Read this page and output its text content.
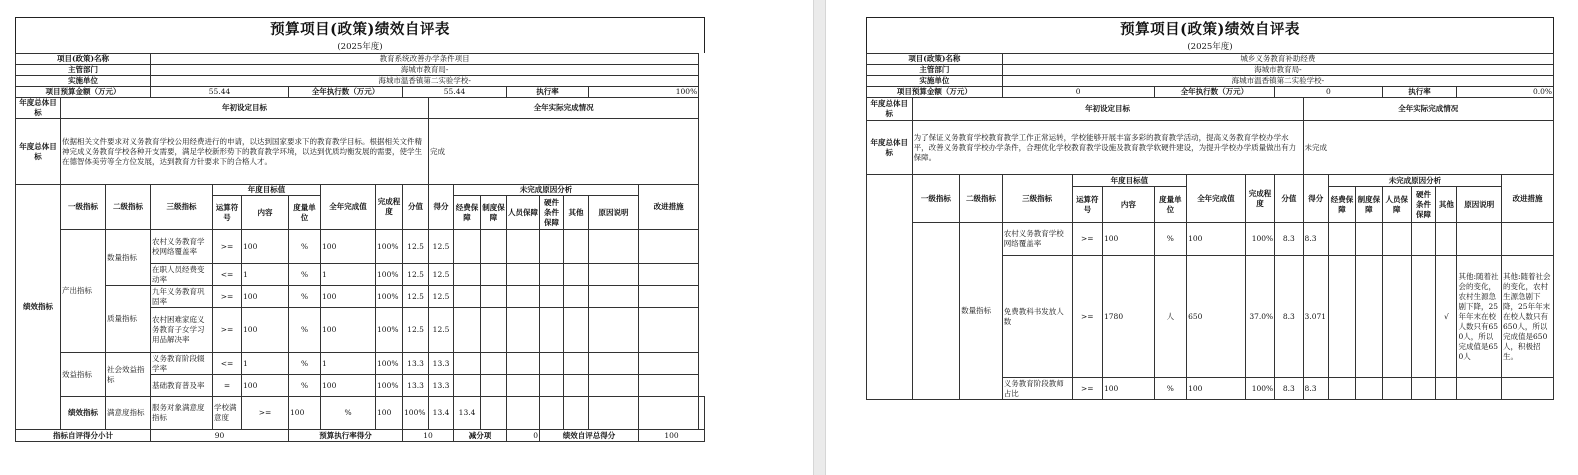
预算项目(政策)绩效自评表
(2025年度)
项目(政策)名称			教育系统改善办学条件项目															
主管部门			海城市教育局-															
实施单位			海城市温香镇第二实验学校-															
项目预算金额（万元）			55.44			全年执行数（万元）			55.44				执行率			100%		
年度总体目标	年初设定目标									全年实际完成情况								
年度总体目标	依据相关文件要求对义务教育学校公用经费进行的申请，以达到国家要求下的教育教学目标。根据相关文件精神完成义务教育学校各种开支需要，满足学校新形势下的教育教学环境，以达到优质均衡发展的需要，使学生在德智体美劳等全方位发展，达到教育方针要求下的合格人才。									完成								
绩效指标	一级指标	二级指标	三级指标	年度目标值			全年完成值	完成程度	分值	得分	未完成原因分析						改进措施	
				运算符号	内容	度量单位					经费保障	制度保障	人员保障	硬件条件保障	其他	原因说明		
	产出指标	数量指标	农村义务教育学校网络覆盖率	>=	100	%	100	100%	12.5	12.5								
			在职人员经费变动率	<=	1	%	1	100%	12.5	12.5								
		质量指标	九年义务教育巩固率	>=	100	%	100	100%	12.5	12.5								
			农村困难家庭义务教育子女学习用品解决率	>=	100	%	100	100%	12.5	12.5								
	效益指标	社会效益指标	义务教育阶段辍学率	<=	1	%	1	100%	13.3	13.3								
			基础教育普及率	=	100	%	100	100%	13.3	13.3								
	绩效指标	满意度指标	服务对象满意度指标	学校满意度	>=	100	%	100	100%	13.4	13.4							
指标自评得分小计			90			预算执行率得分			10		减分项		0	绩效自评总得分			100	
预算项目(政策)绩效自评表
(2025年度)
项目(政策)名称			城乡义务教育补助经费														
主管部门			海城市教育局-														
实施单位			海城市温香镇第二实验学校-														
项目预算金额（万元）			0			全年执行数（万元）			0				执行率			0.0%	
年度总体目标	年初设定目标									全年实际完成情况							
年度总体目标	为了保证义务教育学校教育教学工作正常运转，学校能够开展丰富多彩的教育教学活动，提高义务教育学校办学水平，改善义务教育学校办学条件，合理优化学校教育教学设施及教育教学软硬件建设，为提升学校办学质量做出有力保障。									未完成							
	一级指标	二级指标	三级指标	年度目标值			全年完成值	完成程度	分值	得分	未完成原因分析						改进措施
				运算符号	内容	度量单位					经费保障	制度保障	人员保障	硬件条件保障	其他	原因说明	
		数量指标	农村义务教育学校网络覆盖率	>=	100	%	100	100%	8.3	8.3							
			免费教科书发放人数	>=	1780	人	650	37.0%	8.3	3.071					√	其他:随着社会的变化，农村生源急剧下降，25年年末在校人数只有650人，所以完成值是650人	其他:随着社会的变化，农村生源急剧下降，25年年末在校人数只有650人，所以完成值是650人，积极招生。
			义务教育阶段教师占比	>=	100	%	100	100%	8.3	8.3							
